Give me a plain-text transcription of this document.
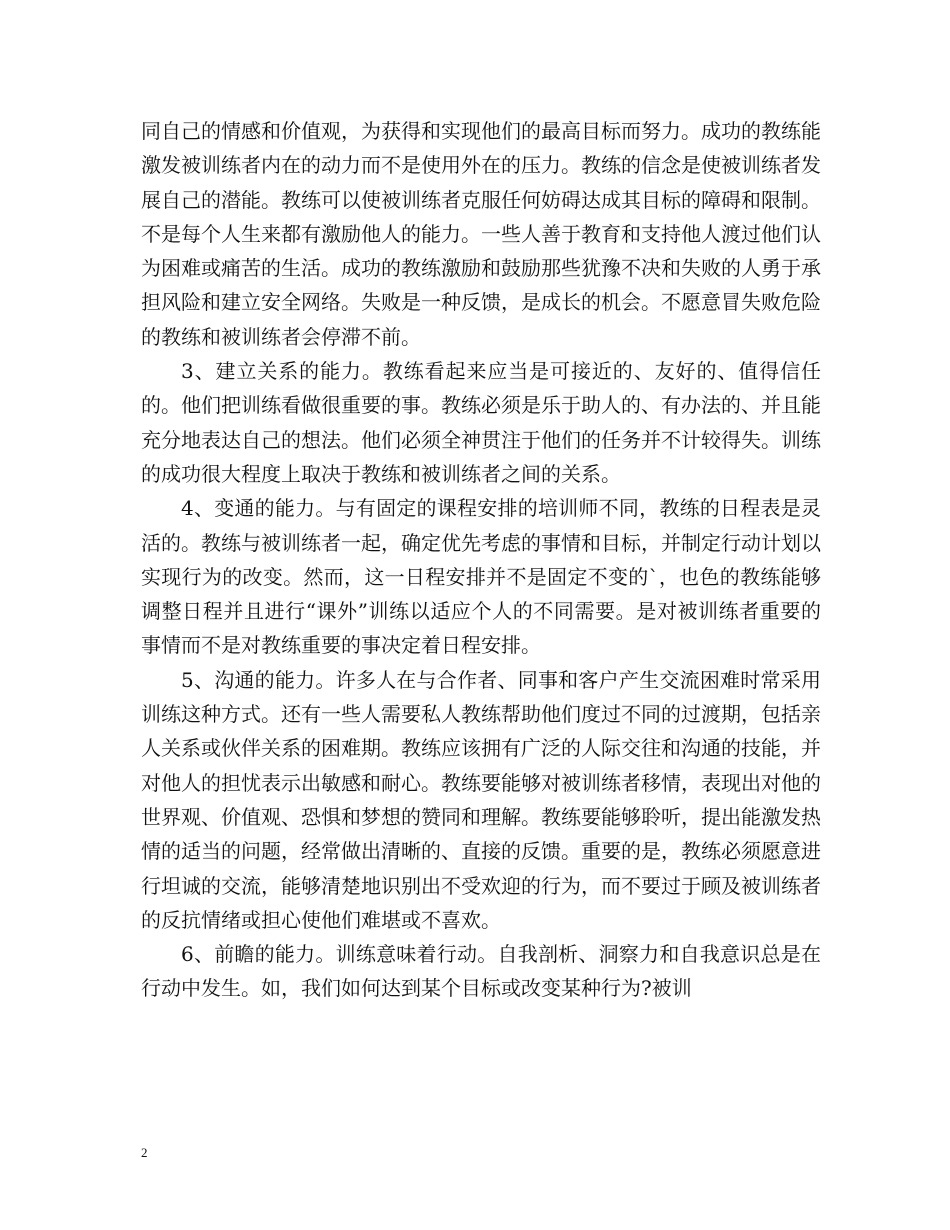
同自己的情感和价值观，为获得和实现他们的最高目标而努力。成功的教练能激发被训练者内在的动力而不是使用外在的压力。教练的信念是使被训练者发展自己的潜能。教练可以使被训练者克服任何妨碍达成其目标的障碍和限制。不是每个人生来都有激励他人的能力。一些人善于教育和支持他人渡过他们认为困难或痛苦的生活。成功的教练激励和鼓励那些犹豫不决和失败的人勇于承担风险和建立安全网络。失败是一种反馈，是成长的机会。不愿意冒失败危险的教练和被训练者会停滞不前。

3、建立关系的能力。教练看起来应当是可接近的、友好的、值得信任的。他们把训练看做很重要的事。教练必须是乐于助人的、有办法的、并且能充分地表达自己的想法。他们必须全神贯注于他们的任务并不计较得失。训练的成功很大程度上取决于教练和被训练者之间的关系。

4、变通的能力。与有固定的课程安排的培训师不同，教练的日程表是灵活的。教练与被训练者一起，确定优先考虑的事情和目标，并制定行动计划以实现行为的改变。然而，这一日程安排并不是固定不变的`，也色的教练能够调整日程并且进行“课外”训练以适应个人的不同需要。是对被训练者重要的事情而不是对教练重要的事决定着日程安排。

5、沟通的能力。许多人在与合作者、同事和客户产生交流困难时常采用训练这种方式。还有一些人需要私人教练帮助他们度过不同的过渡期，包括亲人关系或伙伴关系的困难期。教练应该拥有广泛的人际交往和沟通的技能，并对他人的担忧表示出敏感和耐心。教练要能够对被训练者移情，表现出对他的世界观、价值观、恐惧和梦想的赞同和理解。教练要能够聆听，提出能激发热情的适当的问题，经常做出清晰的、直接的反馈。重要的是，教练必须愿意进行坦诚的交流，能够清楚地识别出不受欢迎的行为，而不要过于顾及被训练者的反抗情绪或担心使他们难堪或不喜欢。

6、前瞻的能力。训练意味着行动。自我剖析、洞察力和自我意识总是在行动中发生。如，我们如何达到某个目标或改变某种行为?被训

2
